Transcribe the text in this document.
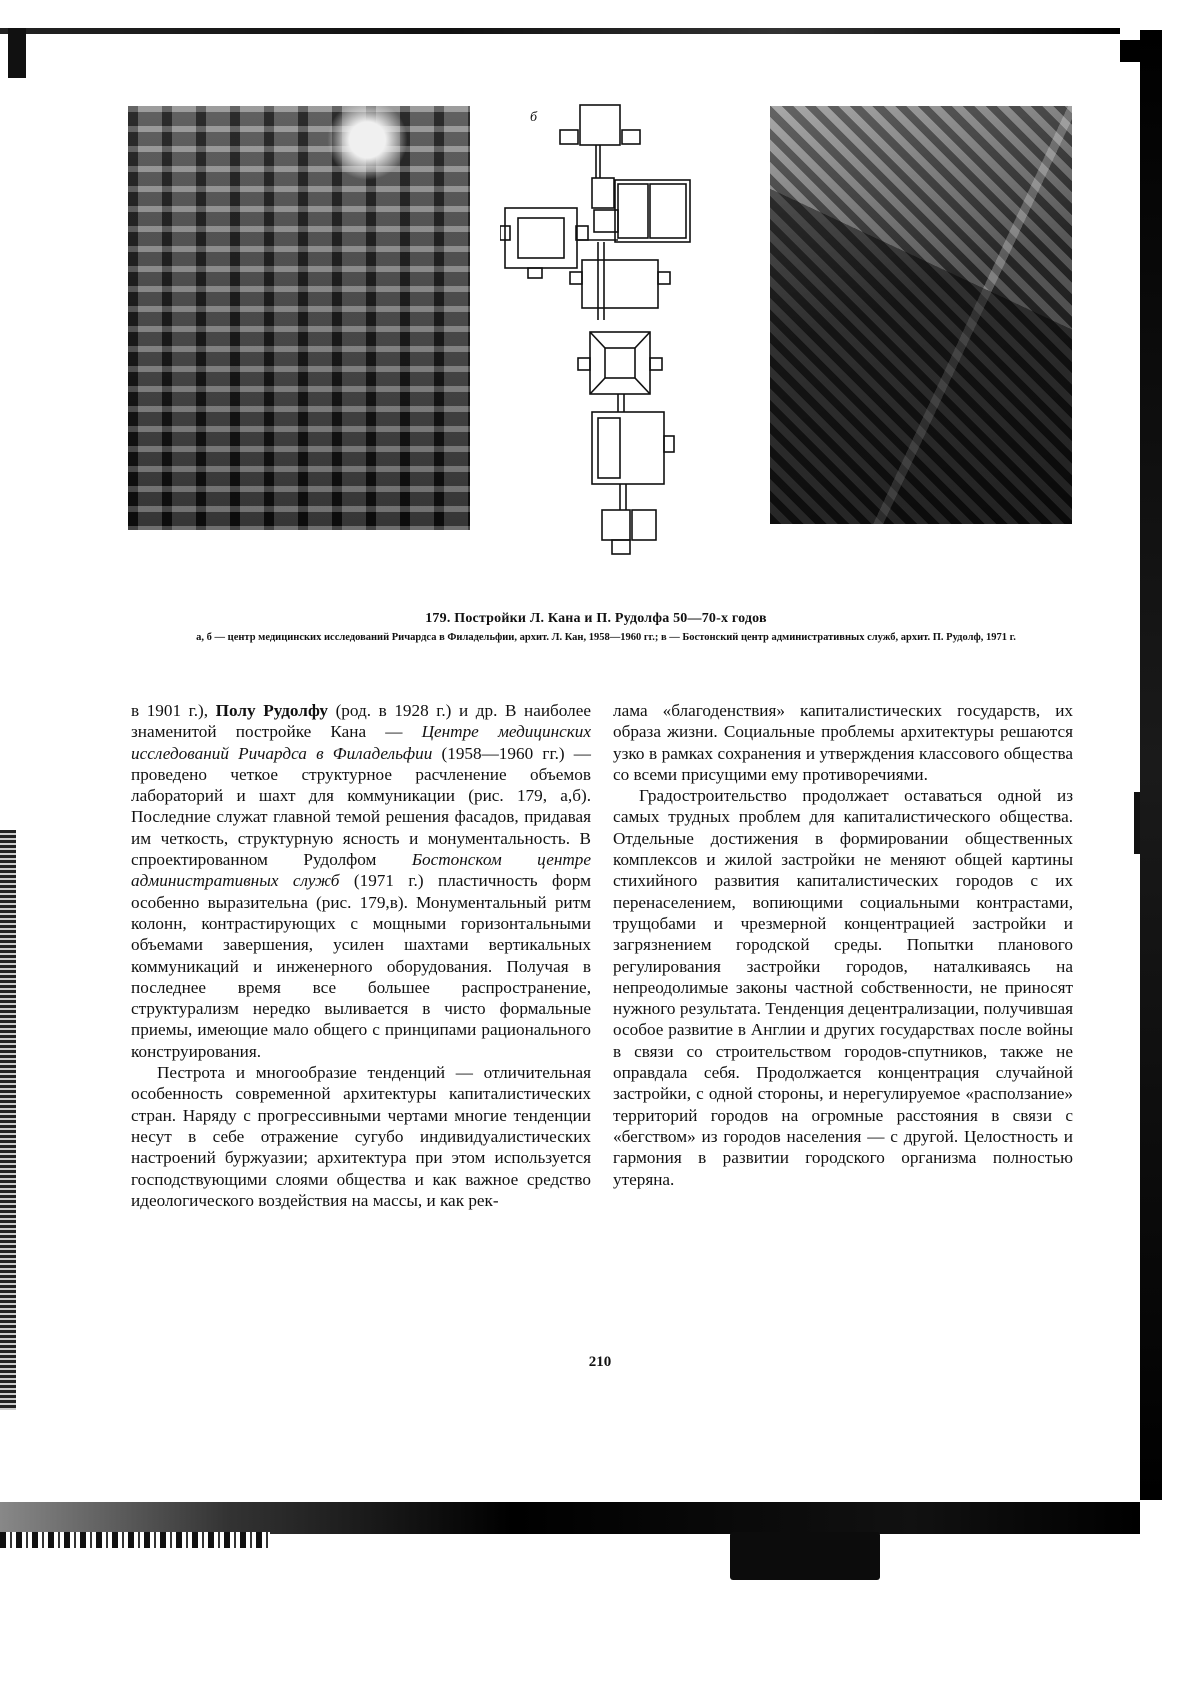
б
179. Постройки Л. Кана и П. Рудолфа 50—70-х годов
а, б — центр медицинских исследований Ричардса в Филадельфии, архит. Л. Кан, 1958—1960 гг.; в — Бостонский центр административных служб, архит. П. Рудолф, 1971 г.

в 1901 г.), Полу Рудолфу (род. в 1928 г.) и др. В наиболее знаменитой постройке Кана — Центре медицинских исследований Ричардса в Филадельфии (1958—1960 гг.) — проведено четкое структурное расчленение объемов лабораторий и шахт для коммуникации (рис. 179, а,б). Последние служат главной темой решения фасадов, придавая им четкость, структурную ясность и монументальность. В спроектированном Рудолфом Бостонском центре административных служб (1971 г.) пластичность форм особенно выразительна (рис. 179,в). Монументальный ритм колонн, контрастирующих с мощными горизонтальными объемами завершения, усилен шахтами вертикальных коммуникаций и инженерного оборудования. Получая в последнее время все большее распространение, структурализм нередко выливается в чисто формальные приемы, имеющие мало общего с принципами рационального конструирования.

Пестрота и многообразие тенденций — отличительная особенность современной архитектуры капиталистических стран. Наряду с прогрессивными чертами многие тенденции несут в себе отражение сугубо индивидуалистических настроений буржуазии; архитектура при этом используется господствующими слоями общества и как важное средство идеологического воздействия на массы, и как рек-

лама «благоденствия» капиталистических государств, их образа жизни. Социальные проблемы архитектуры решаются узко в рамках сохранения и утверждения классового общества со всеми присущими ему противоречиями.

Градостроительство продолжает оставаться одной из самых трудных проблем для капиталистического общества. Отдельные достижения в формировании общественных комплексов и жилой застройки не меняют общей картины стихийного развития капиталистических городов с их перенаселением, вопиющими социальными контрастами, трущобами и чрезмерной концентрацией застройки и загрязнением городской среды. Попытки планового регулирования застройки городов, наталкиваясь на непреодолимые законы частной собственности, не приносят нужного результата. Тенденция децентрализации, получившая особое развитие в Англии и других государствах после войны в связи со строительством городов-спутников, также не оправдала себя. Продолжается концентрация случайной застройки, с одной стороны, и нерегулируемое «расползание» территорий городов на огромные расстояния в связи с «бегством» из городов населения — с другой. Целостность и гармония в развитии городского организма полностью утеряна.

210
